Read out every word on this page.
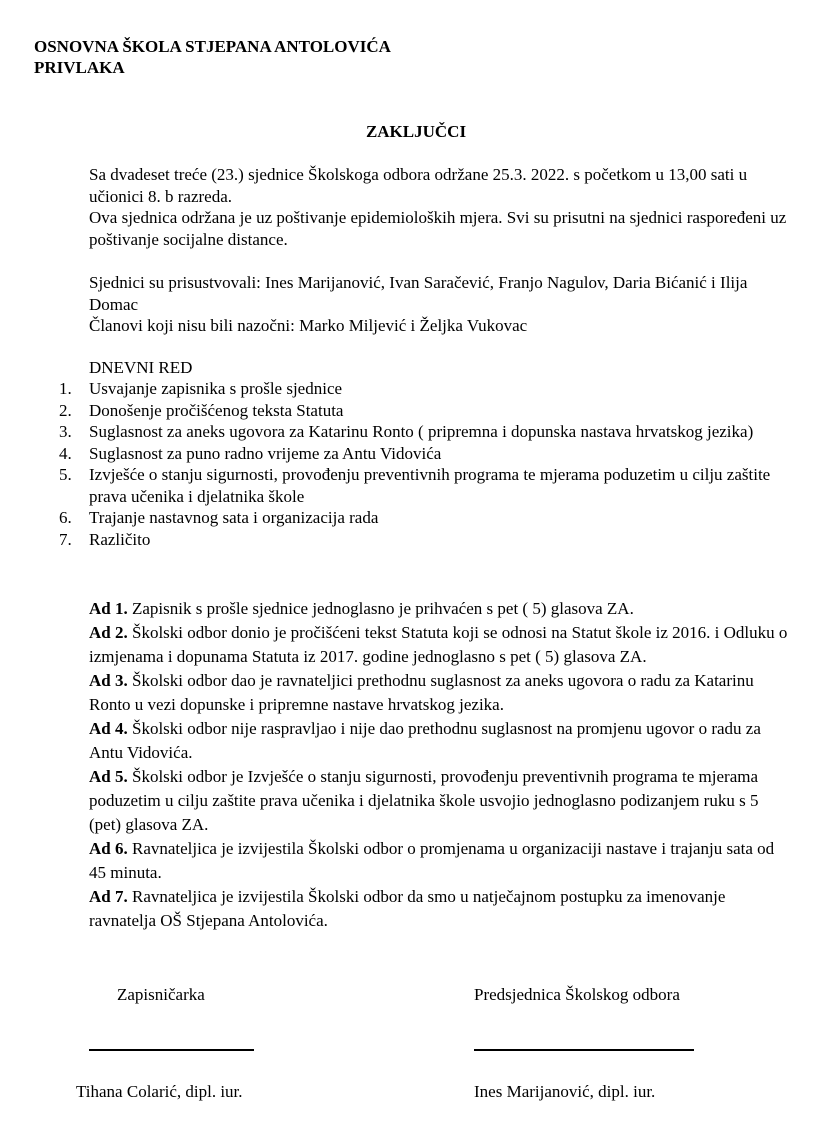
OSNOVNA ŠKOLA STJEPANA ANTOLOVIĆA
PRIVLAKA
ZAKLJUČCI

Sa dvadeset treće (23.) sjednice Školskoga odbora održane 25.3. 2022. s početkom u 13,00 sati u učionici 8. b razreda.

Ova sjednica održana je uz poštivanje epidemioloških mjera. Svi su prisutni na sjednici raspoređeni uz poštivanje socijalne distance.

Sjednici su prisustvovali: Ines Marijanović, Ivan Saračević, Franjo Nagulov, Daria Bićanić i Ilija Domac

Članovi koji nisu bili nazočni: Marko Miljević i Željka Vukovac

DNEVNI RED
1. Usvajanje zapisnika s prošle sjednice
2. Donošenje pročišćenog teksta Statuta
3. Suglasnost za aneks ugovora za Katarinu Ronto ( pripremna i dopunska nastava hrvatskog jezika)
4. Suglasnost za puno radno vrijeme za Antu Vidovića
5. Izvješće o stanju sigurnosti, provođenju preventivnih programa te mjerama poduzetim u cilju zaštite prava učenika i djelatnika škole
6. Trajanje nastavnog sata i organizacija rada
7. Različito

Ad 1. Zapisnik s prošle sjednice jednoglasno je prihvaćen s pet ( 5) glasova ZA.

Ad 2. Školski odbor donio je pročišćeni tekst Statuta koji se odnosi na Statut škole iz 2016. i Odluku o izmjenama i dopunama Statuta iz 2017. godine jednoglasno s pet ( 5) glasova ZA.

Ad 3. Školski odbor dao je ravnateljici prethodnu suglasnost za aneks ugovora o radu za Katarinu Ronto u vezi dopunske i pripremne nastave hrvatskog jezika.

Ad 4. Školski odbor nije raspravljao i nije dao prethodnu suglasnost na promjenu ugovor o radu za Antu Vidovića.

Ad 5. Školski odbor je Izvješće o stanju sigurnosti, provođenju preventivnih programa te mjerama poduzetim u cilju zaštite prava učenika i djelatnika škole usvojio jednoglasno podizanjem ruku s 5 (pet) glasova ZA.

Ad 6. Ravnateljica je izvijestila Školski odbor o promjenama u organizaciji nastave i trajanju sata od 45 minuta.

Ad 7. Ravnateljica je izvijestila Školski odbor da smo u natječajnom postupku za imenovanje ravnatelja OŠ Stjepana Antolovića.

Zapisničarka	Predsjednica Školskog odbora
Tihana Colarić, dipl. iur.	Ines Marijanović, dipl. iur.
